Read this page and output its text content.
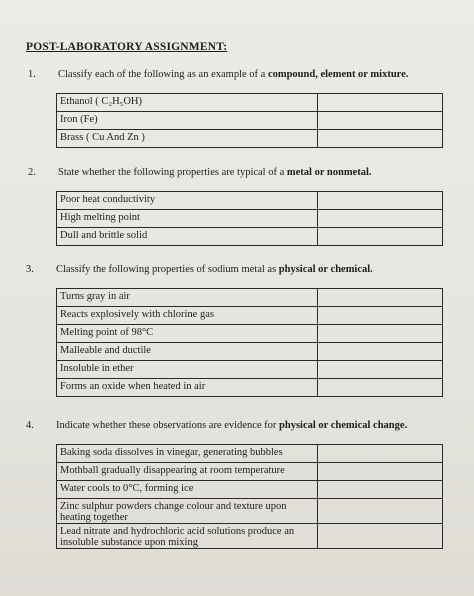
POST-LABORATORY ASSIGNMENT:
1. Classify each of the following as an example of a compound, element or mixture.
Ethanol ( C₂H₅OH)	

Iron (Fe)	

Brass ( Cu And Zn )	

2. State whether the following properties are typical of a metal or nonmetal.
Poor heat conductivity	

High melting point	

Dull and brittle solid	

3. Classify the following properties of sodium metal as physical or chemical.
Turns gray in air	

Reacts explosively with chlorine gas	

Melting point of 98°C	

Malleable and ductile	

Insoluble in ether	

Forms an oxide when heated in air	

4. Indicate whether these observations are evidence for physical or chemical change.
Baking soda dissolves in vinegar, generating bubbles	

Mothball gradually disappearing at room temperature	

Water cools to 0°C, forming ice	

Zinc sulphur powders change colour and texture upon heating together	

Lead nitrate and hydrochloric acid solutions produce an insoluble substance upon mixing	
